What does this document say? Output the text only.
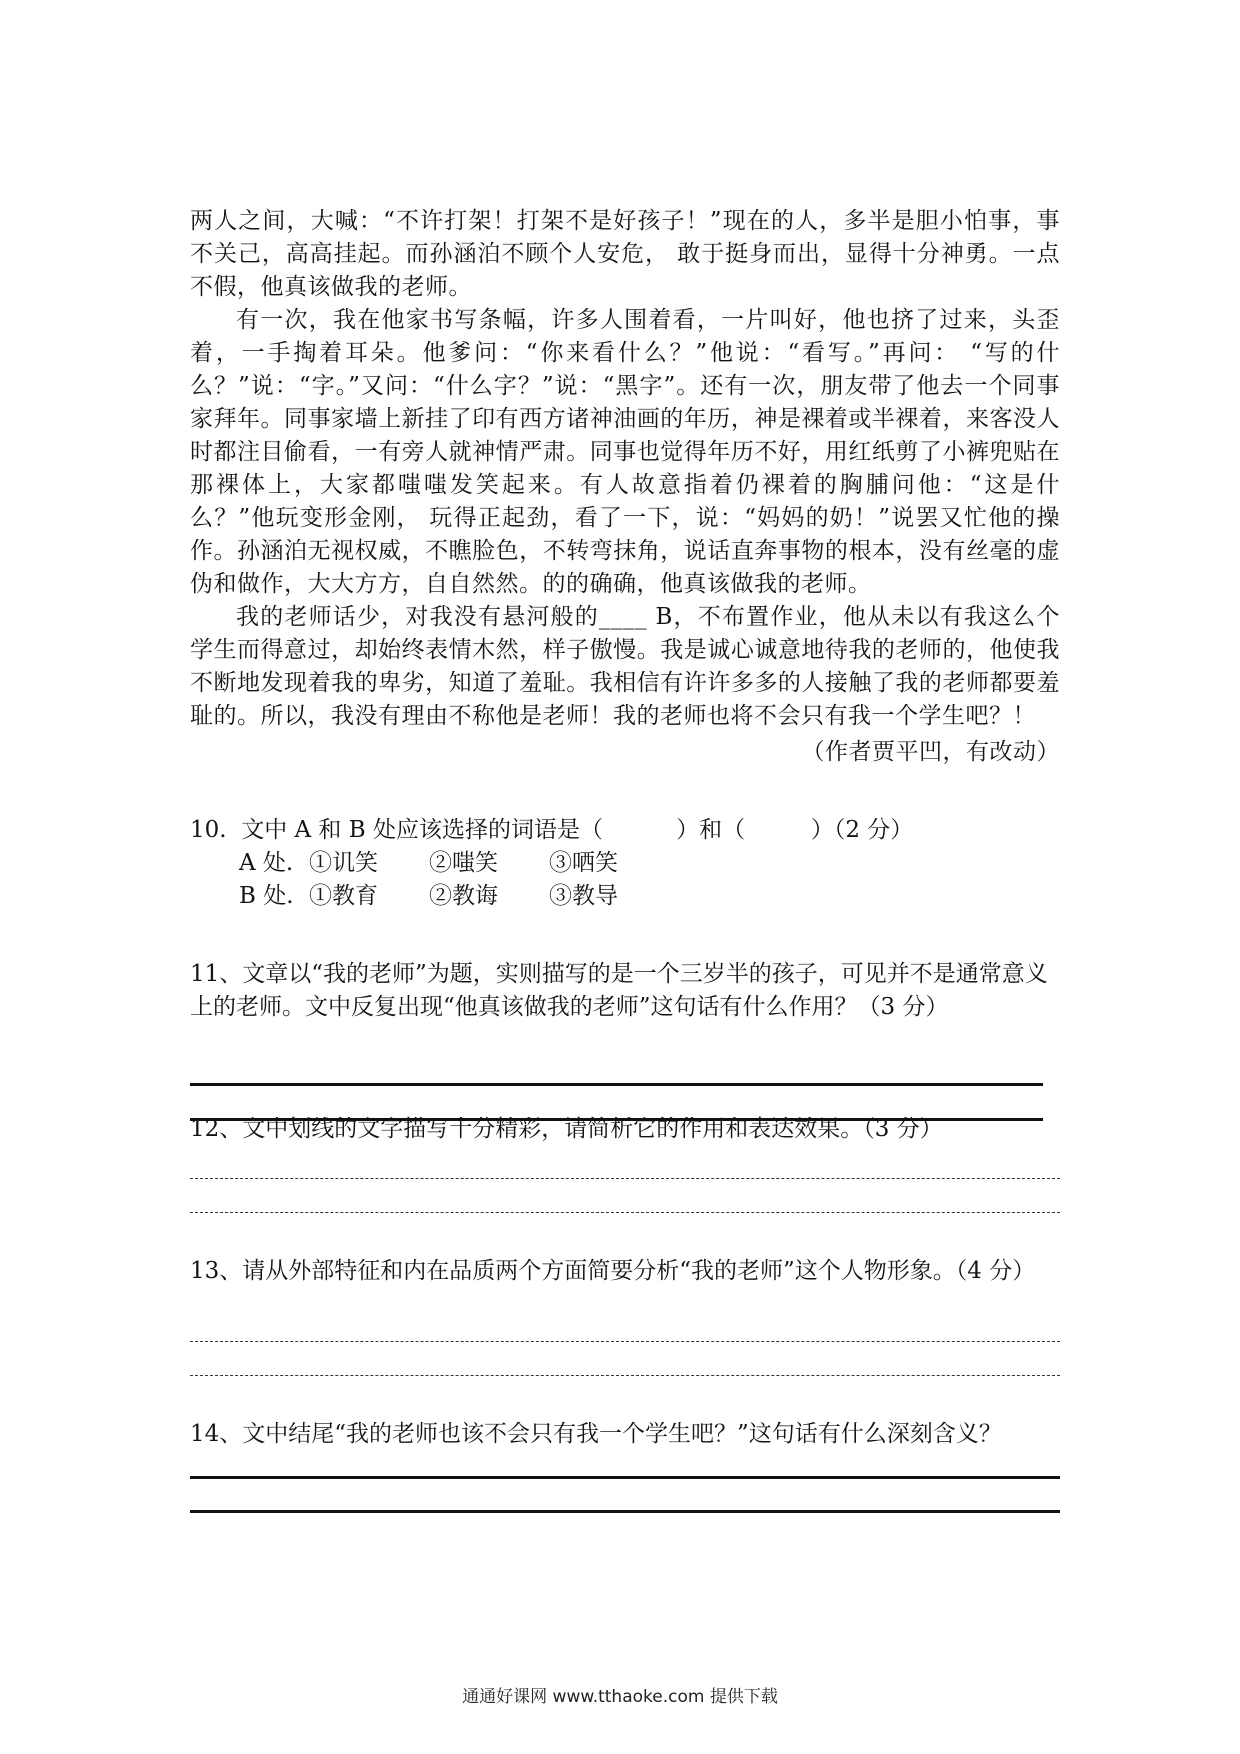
两人之间，大喊：“不许打架！打架不是好孩子！”现在的人，多半是胆小怕事，事不关己，高高挂起。而孙涵泊不顾个人安危， 敢于挺身而出，显得十分神勇。一点不假，他真该做我的老师。

有一次，我在他家书写条幅，许多人围着看，一片叫好，他也挤了过来，头歪着，一手掏着耳朵。他爹问：“你来看什么？”他说：“看写。”再问： “写的什么？”说：“字。”又问：“什么字？”说：“黑字”。还有一次，朋友带了他去一个同事家拜年。同事家墙上新挂了印有西方诸神油画的年历，神是裸着或半裸着，来客没人时都注目偷看，一有旁人就神情严肃。同事也觉得年历不好，用红纸剪了小裤兜贴在那裸体上，大家都嗤嗤发笑起来。有人故意指着仍裸着的胸脯问他：“这是什么？”他玩变形金刚， 玩得正起劲，看了一下，说：“妈妈的奶！”说罢又忙他的操作。孙涵泊无视权威，不瞧脸色，不转弯抹角，说话直奔事物的根本，没有丝毫的虚伪和做作，大大方方，自自然然。的的确确，他真该做我的老师。

我的老师话少，对我没有悬河般的____ B，不布置作业，他从未以有我这么个学生而得意过，却始终表情木然，样子傲慢。我是诚心诚意地待我的老师的，他使我不断地发现着我的卑劣，知道了羞耻。我相信有许许多多的人接触了我的老师都要羞耻的。所以，我没有理由不称他是老师！我的老师也将不会只有我一个学生吧？！

（作者贾平凹，有改动）

10.  文中 A 和 B 处应该选择的词语是（          ）和（         ）（2 分）
A 处. ①讥笑	②嗤笑	③哂笑
B 处. ①教育	②教诲	③教导
11、文章以“我的老师”为题，实则描写的是一个三岁半的孩子，可见并不是通常意义上的老师。文中反复出现“他真该做我的老师”这句话有什么作用？（3 分）
12、文中划线的文字描写十分精彩，请简析它的作用和表达效果。（3 分）
13、请从外部特征和内在品质两个方面简要分析“我的老师”这个人物形象。（4 分）
14、文中结尾“我的老师也该不会只有我一个学生吧？”这句话有什么深刻含义？
通通好课网 www.tthaoke.com 提供下载
